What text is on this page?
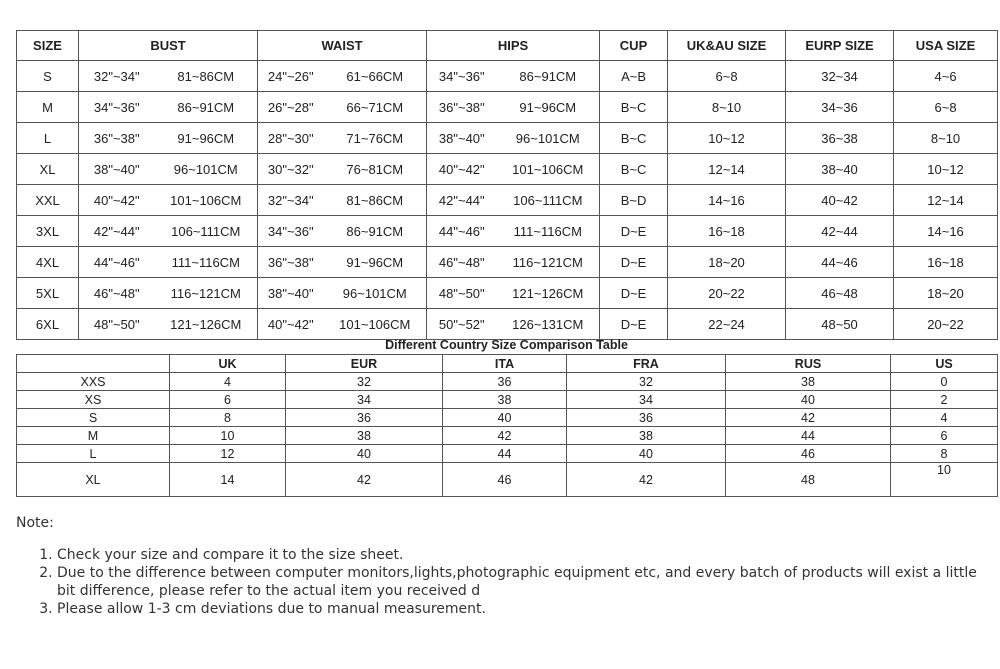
SIZE	BUST		WAIST		HIPS		CUP	UK&AU SIZE	EURP SIZE	USA SIZE
S	32"~34"	81~86CM	24"~26"	61~66CM	34"~36"	86~91CM	A~B	6~8	32~34	4~6
M	34"~36"	86~91CM	26"~28"	66~71CM	36"~38"	91~96CM	B~C	8~10	34~36	6~8
L	36"~38"	91~96CM	28"~30"	71~76CM	38"~40"	96~101CM	B~C	10~12	36~38	8~10
XL	38"~40"	96~101CM	30"~32"	76~81CM	40"~42"	101~106CM	B~C	12~14	38~40	10~12
XXL	40"~42"	101~106CM	32"~34"	81~86CM	42"~44"	106~111CM	B~D	14~16	40~42	12~14
3XL	42"~44"	106~111CM	34"~36"	86~91CM	44"~46"	111~116CM	D~E	16~18	42~44	14~16
4XL	44"~46"	111~116CM	36"~38"	91~96CM	46"~48"	116~121CM	D~E	18~20	44~46	16~18
5XL	46"~48"	116~121CM	38"~40"	96~101CM	48"~50"	121~126CM	D~E	20~22	46~48	18~20
6XL	48"~50"	121~126CM	40"~42"	101~106CM	50"~52"	126~131CM	D~E	22~24	48~50	20~22
Different Country Size Comparison Table
	UK	EUR	ITA	FRA	RUS	US
XXS	4	32	36	32	38	0
XS	6	34	38	34	40	2
S	8	36	40	36	42	4
M	10	38	42	38	44	6
L	12	40	44	40	46	8
XL	14	42	46	42	48	10
Note:
1. Check your size and compare it to the size sheet.
2. Due to the difference between computer monitors,lights,photographic equipment etc, and every batch of products will exist a little bit difference, please refer to the actual item you received d
3. Please allow 1-3 cm deviations due to manual measurement.
